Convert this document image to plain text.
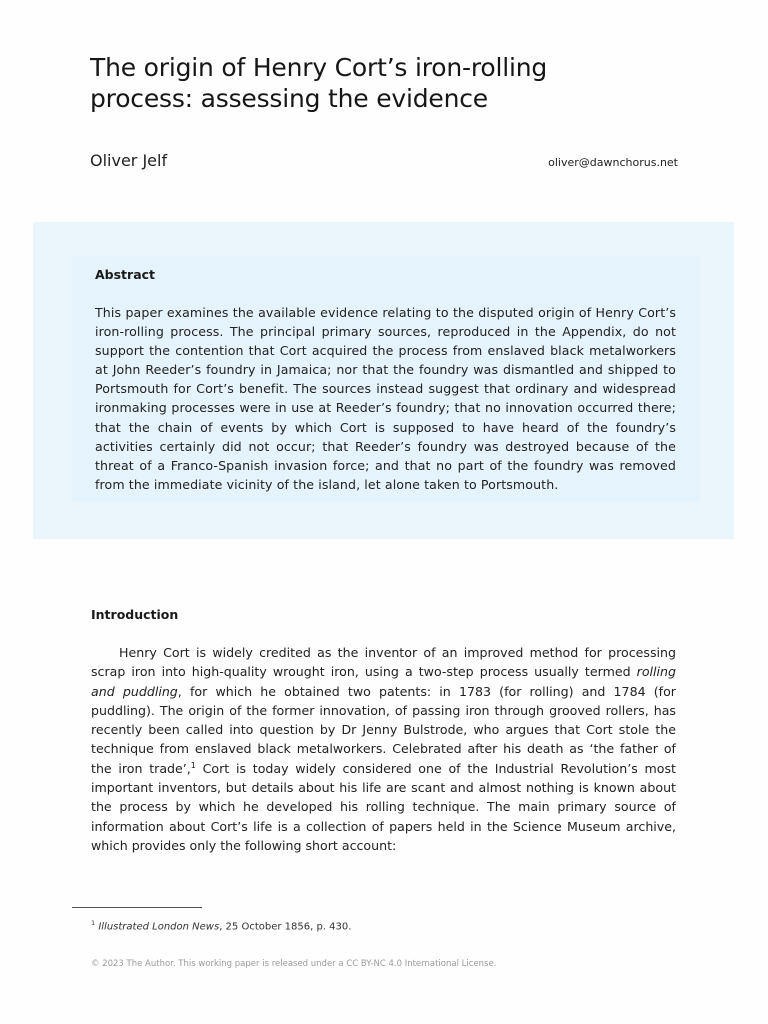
The origin of Henry Cort’s iron-rolling process: assessing the evidence
Oliver Jelf	oliver@dawnchorus.net
Abstract
This paper examines the available evidence relating to the disputed origin of Henry Cort’s iron-rolling process. The principal primary sources, reproduced in the Appendix, do not support the contention that Cort acquired the process from enslaved black metalworkers at John Reeder’s foundry in Jamaica; nor that the foundry was dismantled and shipped to Portsmouth for Cort’s benefit. The sources instead suggest that ordinary and widespread ironmaking processes were in use at Reeder’s foundry; that no innovation occurred there; that the chain of events by which Cort is supposed to have heard of the foundry’s activities certainly did not occur; that Reeder’s foundry was destroyed because of the threat of a Franco-Spanish invasion force; and that no part of the foundry was removed from the immediate vicinity of the island, let alone taken to Portsmouth.
Introduction

Henry Cort is widely credited as the inventor of an improved method for processing scrap iron into high-quality wrought iron, using a two-step process usually termed rolling and puddling, for which he obtained two patents: in 1783 (for rolling) and 1784 (for puddling). The origin of the former innovation, of passing iron through grooved rollers, has recently been called into question by Dr Jenny Bulstrode, who argues that Cort stole the technique from enslaved black metalworkers. Celebrated after his death as ‘the father of the iron trade’,$^1$ Cort is today widely considered one of the Industrial Revolution’s most important inventors, but details about his life are scant and almost nothing is known about the process by which he developed his rolling technique. The main primary source of information about Cort’s life is a collection of papers held in the Science Museum archive, which provides only the following short account:

$^1$ Illustrated London News, 25 October 1856, p. 430.
© 2023 The Author. This working paper is released under a CC BY-NC 4.0 International License.
